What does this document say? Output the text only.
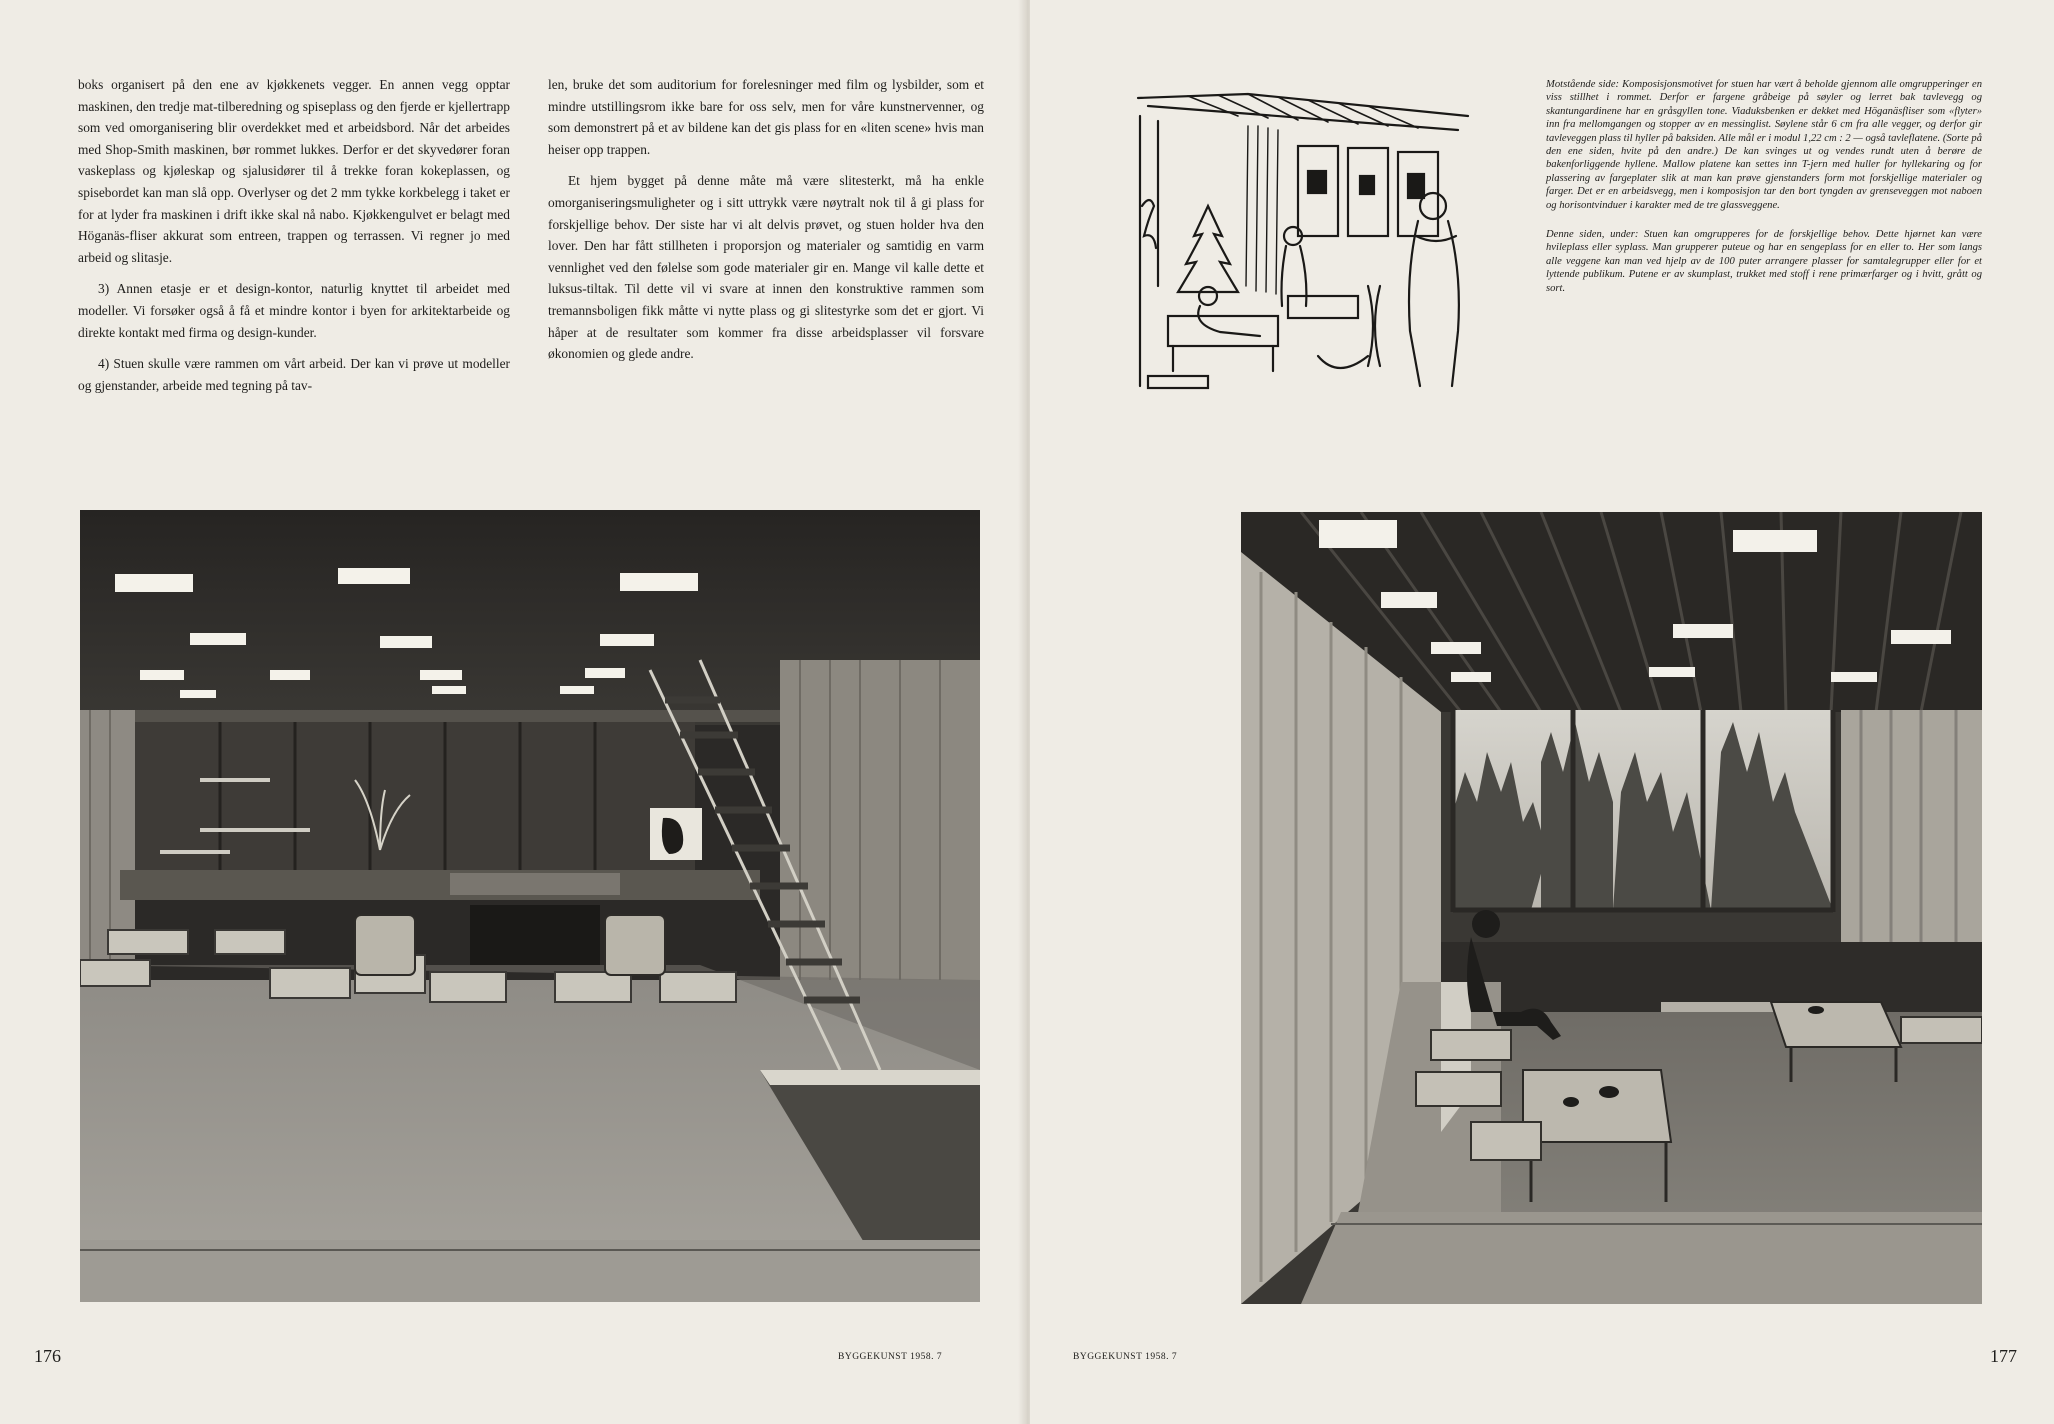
boks organisert på den ene av kjøkkenets vegger. En annen vegg opptar maskinen, den tredje mat-tilberedning og spiseplass og den fjerde er kjellertrapp som ved omorganisering blir overdekket med et arbeidsbord. Når det arbeides med Shop-Smith maskinen, bør rommet lukkes. Derfor er det skyvedører foran vaskeplass og kjøleskap og sjalusidører til å trekke foran kokeplassen, og spisebordet kan man slå opp. Overlyser og det 2 mm tykke korkbelegg i taket er for at lyder fra maskinen i drift ikke skal nå nabo. Kjøkkengulvet er belagt med Höganäs-fliser akkurat som entreen, trappen og terrassen. Vi regner jo med arbeid og slitasje.

3) Annen etasje er et design-kontor, naturlig knyttet til arbeidet med modeller. Vi forsøker også å få et mindre kontor i byen for arkitektarbeide og direkte kontakt med firma og design-kunder.

4) Stuen skulle være rammen om vårt arbeid. Der kan vi prøve ut modeller og gjenstander, arbeide med tegning på tav-

len, bruke det som auditorium for forelesninger med film og lysbilder, som et mindre utstillingsrom ikke bare for oss selv, men for våre kunstnervenner, og som demonstrert på et av bildene kan det gis plass for en «liten scene» hvis man heiser opp trappen.

Et hjem bygget på denne måte må være slitesterkt, må ha enkle omorganiseringsmuligheter og i sitt uttrykk være nøytralt nok til å gi plass for forskjellige behov. Der siste har vi alt delvis prøvet, og stuen holder hva den lover. Den har fått stillheten i proporsjon og materialer og samtidig en varm vennlighet ved den følelse som gode materialer gir en. Mange vil kalle dette et luksus-tiltak. Til dette vil vi svare at innen den konstruktive rammen som tremannsboligen fikk måtte vi nytte plass og gi slitestyrke som det er gjort. Vi håper at de resultater som kommer fra disse arbeidsplasser vil forsvare økonomien og glede andre.

176	BYGGEKUNST 1958. 7	177
BYGGEKUNST 1958. 7

Motstående side: Komposisjonsmotivet for stuen har vært å beholde gjennom alle omgrupperinger en viss stillhet i rommet. Derfor er fargene gråbeige på søyler og lerret bak tavlevegg og skantungardinene har en gråsgyllen tone. Viaduksbenken er dekket med Höganäsfliser som «flyter» inn fra mellomgangen og stopper av en messinglist. Søylene står 6 cm fra alle vegger, og derfor gir tavleveggen plass til hyller på baksiden. Alle mål er i modul 1,22 cm : 2 — også tavleflatene. (Sorte på den ene siden, hvite på den andre.) De kan svinges ut og vendes rundt uten å berøre de bakenforliggende hyllene. Mallow platene kan settes inn T-jern med huller for hyllekaring og for plassering av fargeplater slik at man kan prøve gjenstanders form mot forskjellige materialer og farger. Det er en arbeidsvegg, men i komposisjon tar den bort tyngden av grenseveggen mot naboen og horisontvinduer i karakter med de tre glassveggene.

Denne siden, under: Stuen kan omgrupperes for de forskjellige behov. Dette hjørnet kan være hvileplass eller syplass. Man grupperer puteue og har en sengeplass for en eller to. Her som langs alle veggene kan man ved hjelp av de 100 puter arrangere plasser for samtalegrupper eller for et lyttende publikum. Putene er av skumplast, trukket med stoff i rene primærfarger og i hvitt, grått og sort.
